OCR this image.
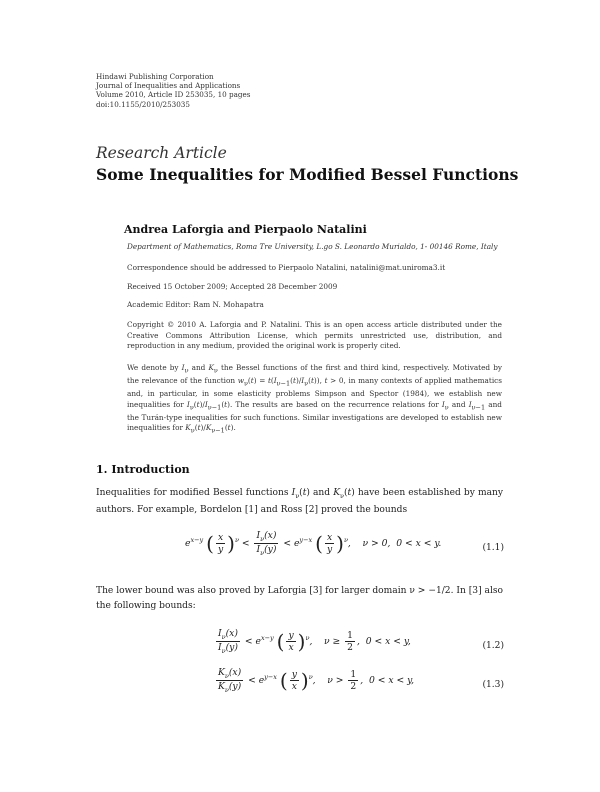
Hindawi Publishing Corporation
Journal of Inequalities and Applications
Volume 2010, Article ID 253035, 10 pages
doi:10.1155/2010/253035
Research Article
Some Inequalities for Modified Bessel Functions
Andrea Laforgia and Pierpaolo Natalini
Department of Mathematics, Roma Tre University, L.go S. Leonardo Murialdo, 1- 00146 Rome, Italy
Correspondence should be addressed to Pierpaolo Natalini, natalini@mat.uniroma3.it
Received 15 October 2009; Accepted 28 December 2009
Academic Editor: Ram N. Mohapatra
Copyright © 2010 A. Laforgia and P. Natalini. This is an open access article distributed under the Creative Commons Attribution License, which permits unrestricted use, distribution, and reproduction in any medium, provided the original work is properly cited.
We denote by $I_\nu$ and $K_\nu$ the Bessel functions of the first and third kind, respectively. Motivated by the relevance of the function $w_\nu(t) = t(I_{\nu-1}(t)/I_\nu(t))$, t > 0, in many contexts of applied mathematics and, in particular, in some elasticity problems Simpson and Spector (1984), we establish new inequalities for $I_\nu(t)/I_{\nu-1}(t)$. The results are based on the recurrence relations for $I_\nu$ and $I_{\nu-1}$ and the Turán-type inequalities for such functions. Similar investigations are developed to establish new inequalities for $K_\nu(t)/K_{\nu-1}(t)$.
1. Introduction
Inequalities for modified Bessel functions $I_\nu(t)$ and $K_\nu(t)$ have been established by many authors. For example, Bordelon [1] and Ross [2] proved the bounds
$e^{x-y}$ ( $\frac{x}{y} )^\nu < \frac{I_\nu(x)}{I_\nu(y)} < e^{y-x}$ ( $\frac{x}{y} )^\nu$,    ν > 0,  0 < x < y.	(1.1)
The lower bound was also proved by Laforgia [3] for larger domain ν > −1/2. In [3] also the following bounds:
$\frac{I_\nu(x)}{I_\nu(y)} < e^{x-y}$ ( $\frac{y}{x} )^\nu$,    $\nu \ge \frac{1}{2}$ ,  0 < x < y,	(1.2)
$\frac{K_\nu(x)}{K_\nu(y)} < e^{y-x}$ ( $\frac{y}{x} )^\nu$,    $\nu > \frac{1}{2}$ ,  0 < x < y,	(1.3)
